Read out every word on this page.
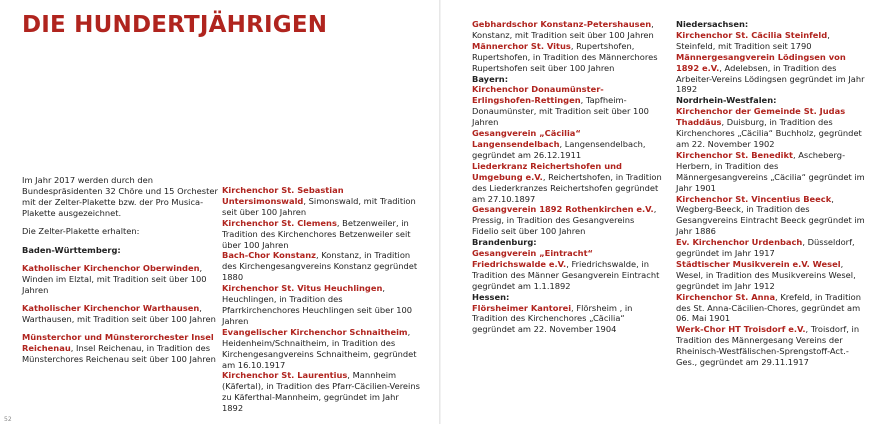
DIE HUNDERTJÄHRIGEN

Im Jahr 2017 werden durch den Bundespräsidenten 32 Chöre und 15 Orchester mit der Zelter-Plakette bzw. der Pro Musica-Plakette ausgezeichnet.

Die Zelter-Plakette erhalten:

Baden-Württemberg:

Katholischer Kirchenchor Oberwinden, Winden im Elztal, mit Tradition seit über 100 Jahren

Katholischer Kirchenchor Warthausen, Warthausen, mit Tradition seit über 100 Jahren

Münsterchor und Münsterorchester Insel Reichenau, Insel Reichenau, in Tradition des Münsterchores Reichenau seit über 100 Jahren

Kirchenchor St. Sebastian Untersimonswald, Simonswald, mit Tradition seit über 100 Jahren

Kirchenchor St. Clemens, Betzenweiler, in Tradition des Kirchenchores Betzenweiler seit über 100 Jahren

Bach-Chor Konstanz, Konstanz, in Tradition des Kirchengesangvereins Konstanz gegründet 1880

Kirchenchor St. Vitus Heuchlingen, Heuchlingen, in Tradition des Pfarrkirchenchores Heuchlingen seit über 100 Jahren

Evangelischer Kirchenchor Schnaitheim, Heidenheim/Schnaitheim, in Tradition des Kirchengesangvereins Schnaitheim, gegründet am 16.10.1917

Kirchenchor St. Laurentius, Mannheim (Käfertal), in Tradition des Pfarr-Cäcilien-Vereins zu Käferthal-Mannheim, gegründet im Jahr 1892

Gebhardschor Konstanz-Petershausen, Konstanz, mit Tradition seit über 100 Jahren

Männerchor St. Vitus, Rupertshofen, Rupertshofen, in Tradition des Männerchores Rupertshofen seit über 100 Jahren

Bayern:

Kirchenchor Donaumünster-Erlingshofen-Rettingen, Tapfheim-Donaumünster, mit Tradition seit über 100 Jahren

Gesangverein „Cäcilia“ Langensendelbach, Langensendelbach, gegründet am 26.12.1911

Liederkranz Reichertshofen und Umgebung e.V., Reichertshofen, in Tradition des Liederkranzes Reichertshofen gegründet am 27.10.1897

Gesangverein 1892 Rothenkirchen e.V., Pressig, in Tradition des Gesangvereins Fidelio seit über 100 Jahren

Brandenburg:

Gesangverein „Eintracht“ Friedrichswalde e.V., Friedrichswalde, in Tradition des Männer Gesangverein Eintracht gegründet am 1.1.1892

Hessen:

Flörsheimer Kantorei, Flörsheim , in Tradition des Kirchenchores „Cäcilia“ gegründet am 22. November 1904

Niedersachsen:

Kirchenchor St. Cäcilia Steinfeld, Steinfeld, mit Tradition seit 1790

Männergesangverein Lödingsen von 1892 e.V., Adelebsen, in Tradition des Arbeiter-Vereins Lödingsen gegründet im Jahr 1892

Nordrhein-Westfalen:

Kirchenchor der Gemeinde St. Judas Thaddäus, Duisburg, in Tradition des Kirchenchores „Cäcilia“ Buchholz, gegründet am 22. November 1902

Kirchenchor St. Benedikt, Ascheberg-Herbern, in Tradition des Männergesangvereins „Cäcilia“ gegründet im Jahr 1901

Kirchenchor St. Vincentius Beeck, Wegberg-Beeck, in Tradition des Gesangvereins Eintracht Beeck gegründet im Jahr 1886

Ev. Kirchenchor Urdenbach, Düsseldorf, gegründet im Jahr 1917

Städtischer Musikverein e.V. Wesel, Wesel, in Tradition des Musikvereins Wesel, gegründet im Jahr 1912

Kirchenchor St. Anna, Krefeld, in Tradition des St. Anna-Cäcilien-Chores, gegründet am 06. Mai 1901

Werk-Chor HT Troisdorf e.V., Troisdorf, in Tradition des Männergesang Vereins der Rheinisch-Westfälischen-Sprengstoff-Act.-Ges., gegründet am 29.11.1917

52
